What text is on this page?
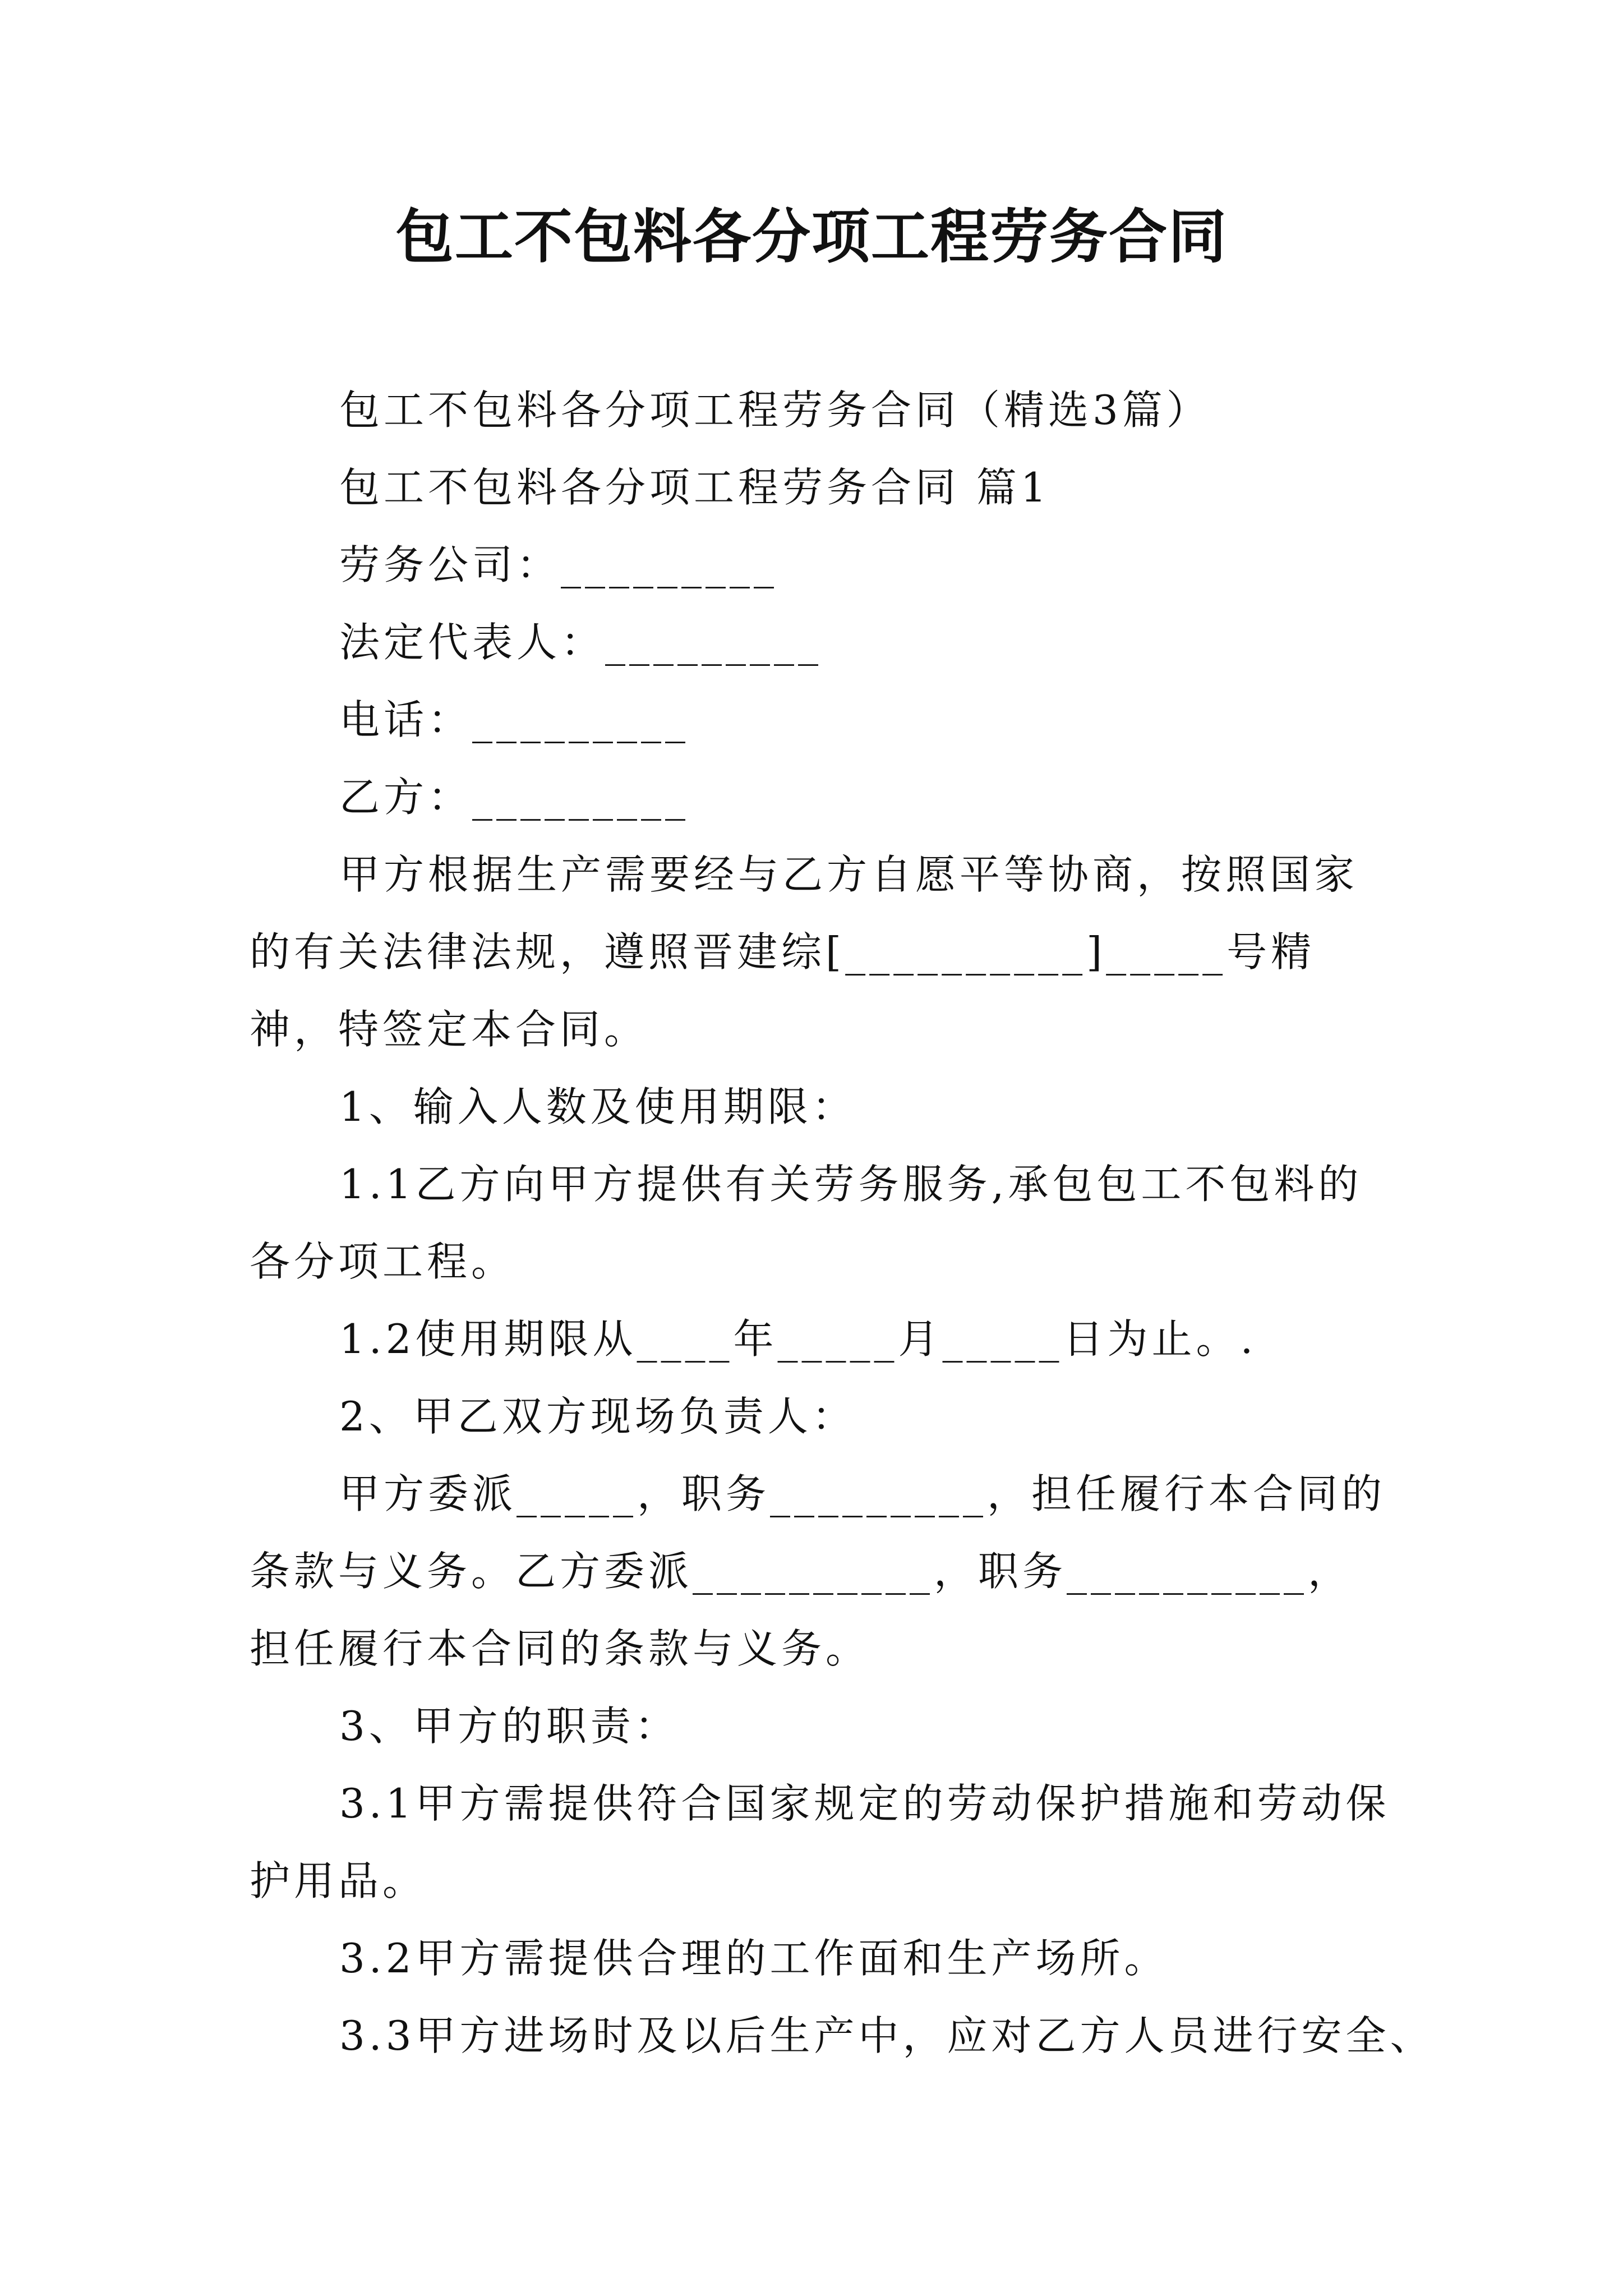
包工不包料各分项工程劳务合同

包工不包料各分项工程劳务合同（精选3篇）

包工不包料各分项工程劳务合同 篇1

劳务公司：_________

法定代表人：_________

电话：_________

乙方：_________

甲方根据生产需要经与乙方自愿平等协商，按照国家的有关法律法规，遵照晋建综[__________]_____号精神，特签定本合同。

1、输入人数及使用期限：

1.1乙方向甲方提供有关劳务服务,承包包工不包料的各分项工程。

1.2使用期限从____年_____月_____日为止。.

2、甲乙双方现场负责人：

甲方委派_____，职务_________，担任履行本合同的条款与义务。乙方委派__________，职务__________，担任履行本合同的条款与义务。

3、甲方的职责：

3.1甲方需提供符合国家规定的劳动保护措施和劳动保护用品。

3.2甲方需提供合理的工作面和生产场所。

3.3甲方进场时及以后生产中，应对乙方人员进行安全、
